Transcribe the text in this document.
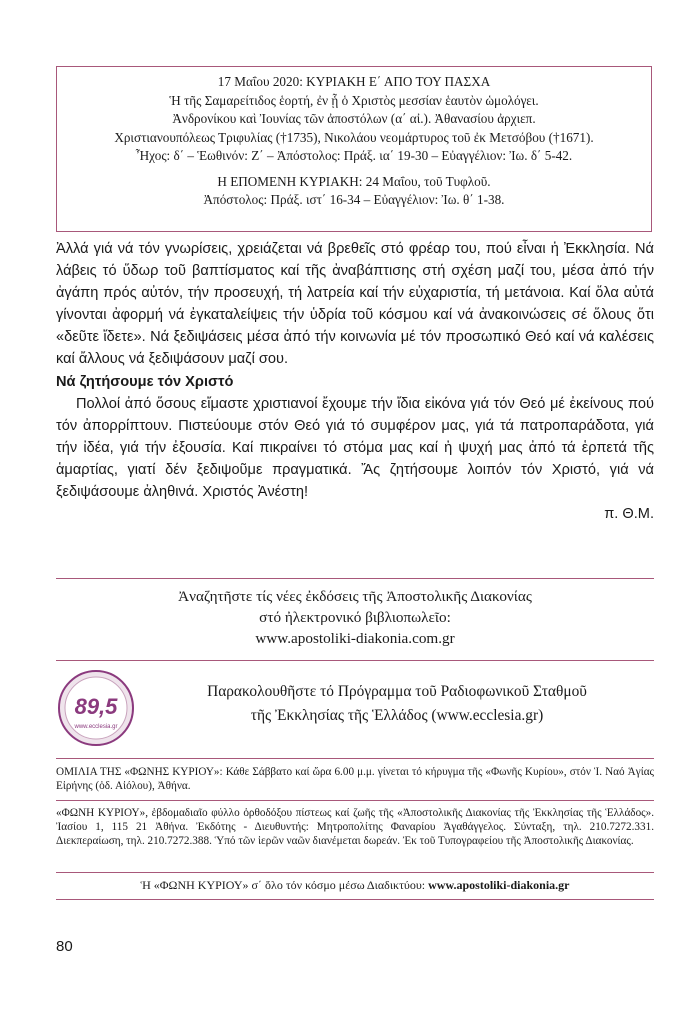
17 Μαΐου 2020: ΚΥΡΙΑΚΗ Ε΄ ΑΠΟ ΤΟΥ ΠΑΣΧΑ
Ἡ τῆς Σαμαρείτιδος ἑορτή, ἐν ᾗ ὁ Χριστὸς μεσσίαν ἑαυτὸν ὡμολόγει.
Ἀνδρονίκου καὶ Ἰουνίας τῶν ἀποστόλων (α΄ αἰ.). Ἀθανασίου ἀρχιεπ.
Χριστιανουπόλεως Τριφυλίας (†1735), Νικολάου νεομάρτυρος τοῦ ἐκ Μετσόβου (†1671).
Ἦχος: δ΄ – Ἑωθινόν: Ζ΄ – Ἀπόστολος: Πράξ. ια΄ 19-30 – Εὐαγγέλιον: Ἰω. δ΄ 5-42.
Η ΕΠΟΜΕΝΗ ΚΥΡΙΑΚΗ: 24 Μαΐου, τοῦ Τυφλοῦ.
Ἀπόστολος: Πράξ. ιστ΄ 16-34 – Εὐαγγέλιον: Ἰω. θ΄ 1-38.

Ἀλλά γιά νά τόν γνωρίσεις, χρειάζεται νά βρεθεῖς στό φρέαρ του, πού εἶναι ἡ Ἐκκλησία. Νά λάβεις τό ὕδωρ τοῦ βαπτίσματος καί τῆς ἀναβάπτισης στή σχέση μαζί του, μέσα ἀπό τήν ἀγάπη πρός αὐτόν, τήν προσευχή, τή λατρεία καί τήν εὐχαριστία, τή μετάνοια. Καί ὅλα αὐτά γίνονται ἀφορμή νά ἐγκαταλείψεις τήν ὑδρία τοῦ κόσμου καί νά ἀνακοινώσεις σέ ὅλους ὅτι «δεῦτε ἴδετε». Νά ξεδιψάσεις μέσα ἀπό τήν κοινωνία μέ τόν προσωπικό Θεό καί νά καλέσεις καί ἄλλους νά ξεδιψάσουν μαζί σου.

Νά ζητήσουμε τόν Χριστό

Πολλοί ἀπό ὅσους εἴμαστε χριστιανοί ἔχουμε τήν ἴδια εἰκόνα γιά τόν Θεό μέ ἐκείνους πού τόν ἀπορρίπτουν. Πιστεύουμε στόν Θεό γιά τό συμφέρον μας, γιά τά πατροπαράδοτα, γιά τήν ἰδέα, γιά τήν ἐξουσία. Καί πικραίνει τό στόμα μας καί ἡ ψυχή μας ἀπό τά ἑρπετά τῆς ἁμαρτίας, γιατί δέν ξεδιψοῦμε πραγματικά. Ἄς ζητήσουμε λοιπόν τόν Χριστό, γιά νά ξεδιψάσουμε ἀληθινά. Χριστός Ἀνέστη!

π. Θ.Μ.
Ἀναζητῆστε τίς νέες ἐκδόσεις τῆς Ἀποστολικῆς Διακονίας
στό ἠλεκτρονικό βιβλιοπωλεῖο:
www.apostoliki-diakonia.com.gr
89,5
www.ecclesia.gr
Παρακολουθῆστε τό Πρόγραμμα τοῦ Ραδιοφωνικοῦ Σταθμοῦ
τῆς Ἐκκλησίας τῆς Ἑλλάδος (www.ecclesia.gr)
ΟΜΙΛΙΑ ΤΗΣ «ΦΩΝΗΣ ΚΥΡΙΟΥ»: Κάθε Σάββατο καί ὥρα 6.00 μ.μ. γίνεται τό κήρυγμα τῆς «Φωνῆς Κυρίου», στόν Ἱ. Ναό Ἁγίας Εἰρήνης (ὁδ. Αἰόλου), Ἀθήνα.
«ΦΩΝΗ ΚΥΡΙΟΥ», ἑβδομαδιαῖο φύλλο ὀρθοδόξου πίστεως καί ζωῆς τῆς «Ἀποστολικῆς Διακονίας τῆς Ἐκκλησίας τῆς Ἑλλάδος». Ἰασίου 1, 115 21 Ἀθήνα. Ἐκδότης - Διευθυντής: Μητροπολίτης Φαναρίου Ἀγαθάγγελος. Σύνταξη, τηλ. 210.7272.331. Διεκπεραίωση, τηλ. 210.7272.388. Ὑπό τῶν ἱερῶν ναῶν διανέμεται δωρεάν. Ἐκ τοῦ Τυπογραφείου τῆς Ἀποστολικῆς Διακονίας.
Ἡ «ΦΩΝΗ ΚΥΡΙΟΥ» σ΄ ὅλο τόν κόσμο μέσω Διαδικτύου: www.apostoliki-diakonia.gr
80
